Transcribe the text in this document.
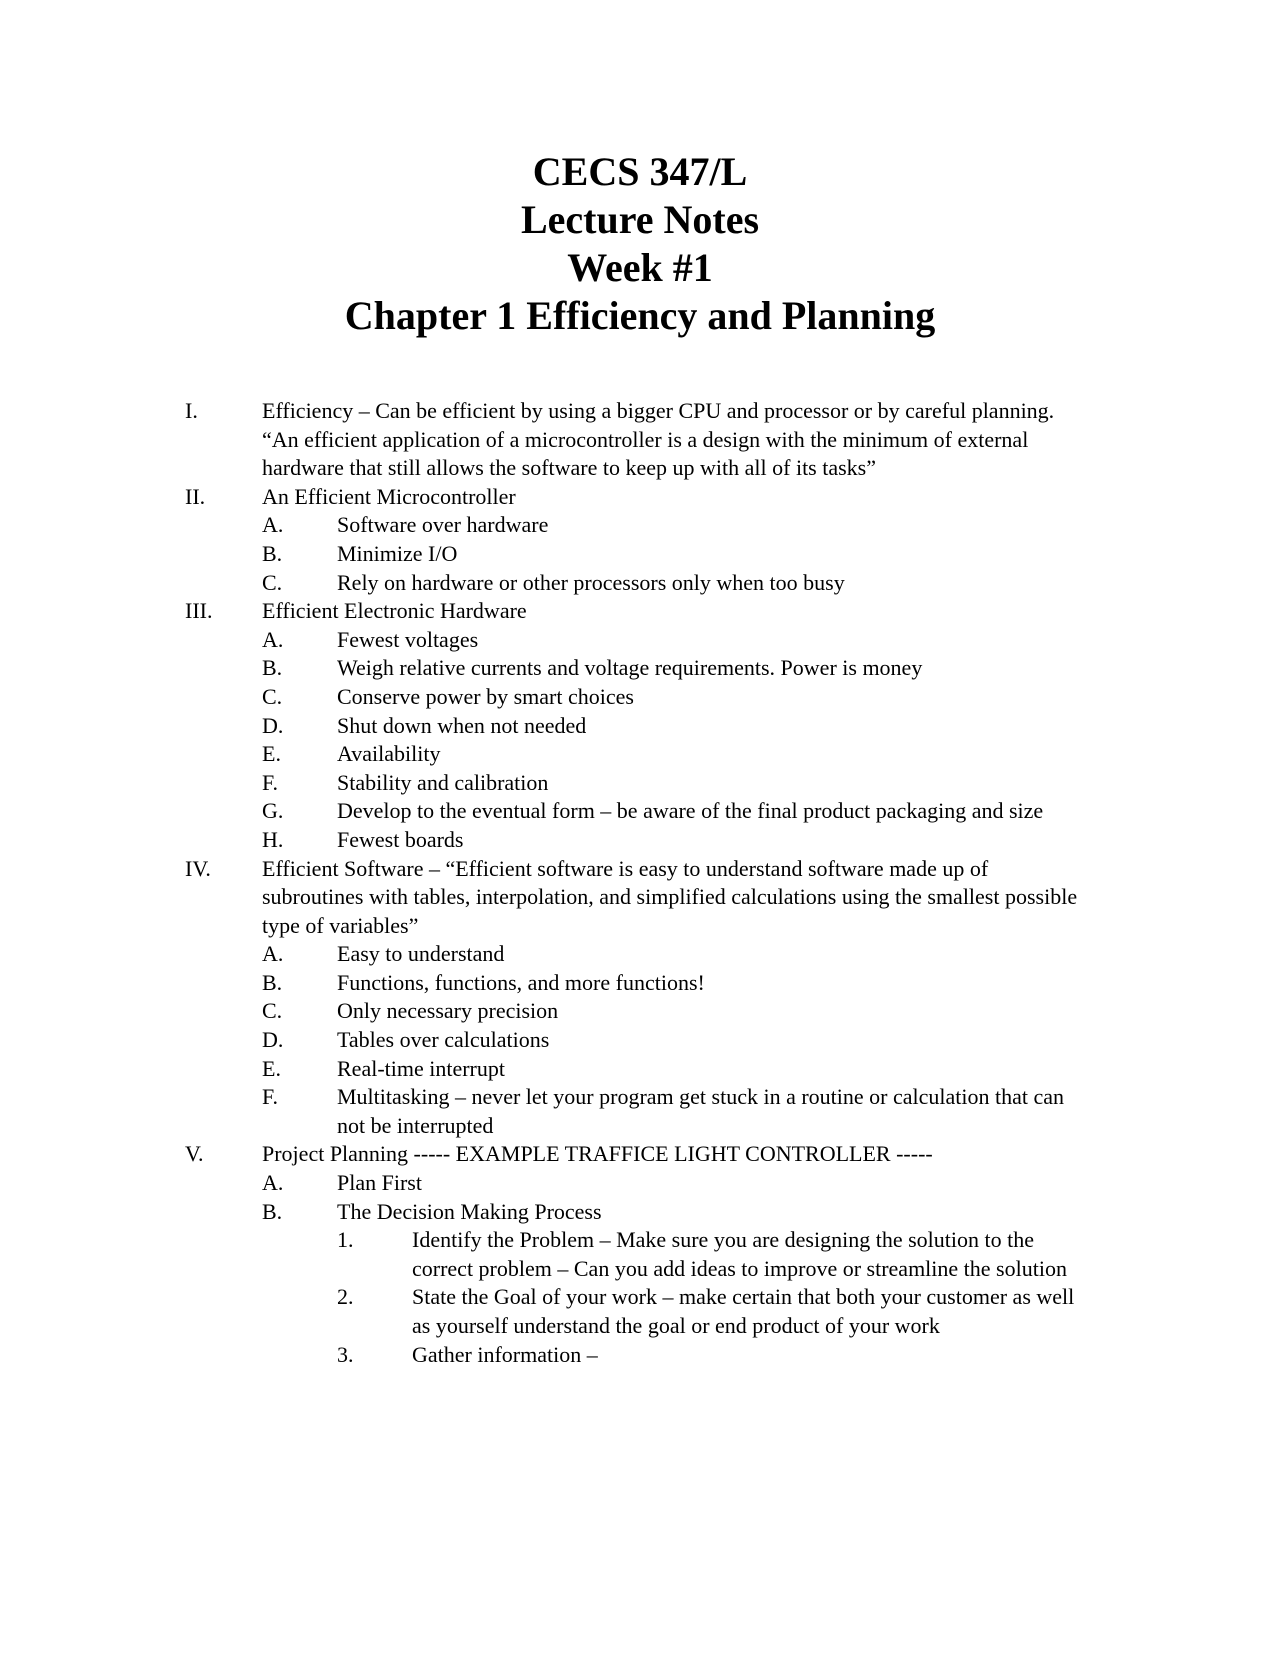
CECS 347/L
Lecture Notes
Week #1
Chapter 1 Efficiency and Planning
I.	Efficiency – Can be efficient by using a bigger CPU and processor or by careful planning. “An efficient application of a microcontroller is a design with the minimum of external hardware that still allows the software to keep up with all of its tasks”
II.	An Efficient Microcontroller
A. Software over hardware
B. Minimize I/O
C. Rely on hardware or other processors only when too busy
III. Efficient Electronic Hardware
A. Fewest voltages
B. Weigh relative currents and voltage requirements. Power is money
C. Conserve power by smart choices
D. Shut down when not needed
E.	Availability
F.	Stability and calibration
G. Develop to the eventual form – be aware of the final product packaging and size
H. Fewest boards
IV. Efficient Software – “Efficient software is easy to understand software made up of subroutines with tables, interpolation, and simplified calculations using the smallest possible type of variables”
A. Easy to understand
B. Functions, functions, and more functions!
C. Only necessary precision
D. Tables over calculations
E.	Real-time interrupt
F.	Multitasking – never let your program get stuck in a routine or calculation that can not be interrupted
V.	Project Planning ----- EXAMPLE TRAFFICE LIGHT CONTROLLER -----
A. Plan First
B. The Decision Making Process
1.	Identify the Problem – Make sure you are designing the solution to the correct problem – Can you add ideas to improve or streamline the solution
2.	State the Goal of your work – make certain that both your customer as well as yourself understand the goal or end product of your work
3.	Gather information –
